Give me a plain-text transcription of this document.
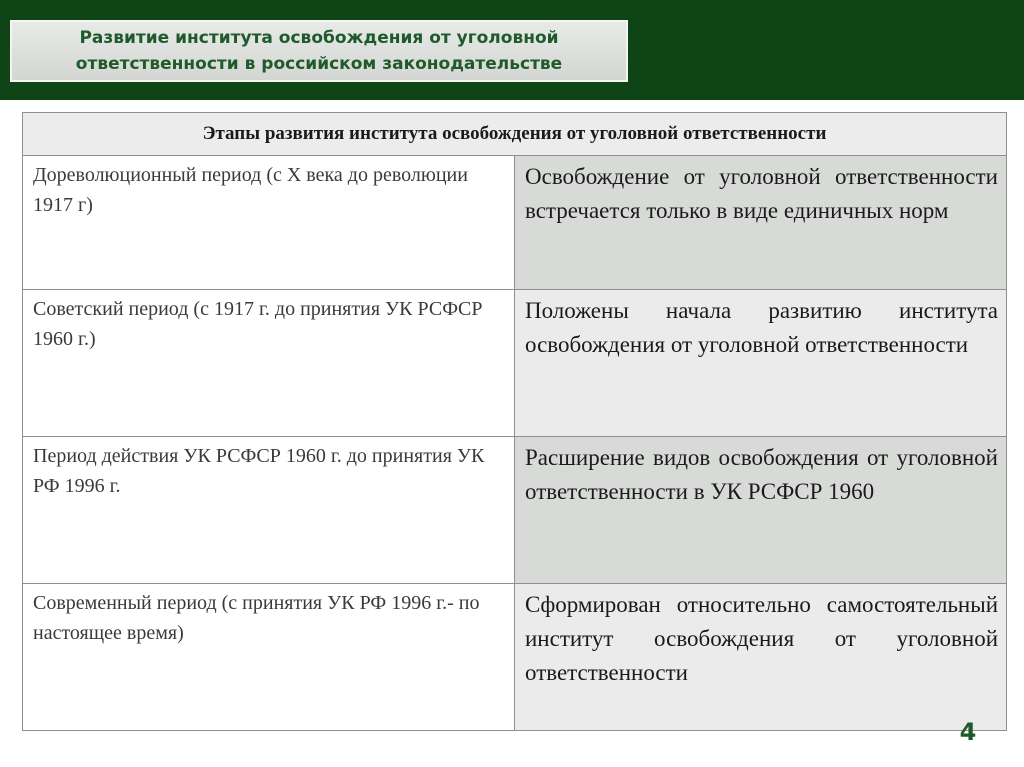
Развитие института освобождения от уголовной ответственности в российском законодательстве
Этапы развития института освобождения от уголовной ответственности	
Дореволюционный период (с X века до революции 1917 г)	Освобождение от уголовной ответственности встречается только в виде единичных норм
Советский период (с 1917 г. до принятия УК РСФСР 1960 г.)	Положены начала развитию института освобождения от уголовной ответственности
Период действия УК РСФСР 1960 г. до принятия УК РФ 1996 г.	Расширение видов освобождения от уголовной ответственности в УК РСФСР 1960
Современный период (с принятия УК РФ 1996 г.- по настоящее время)	Сформирован относительно самостоятельный институт освобождения от уголовной ответственности
4
